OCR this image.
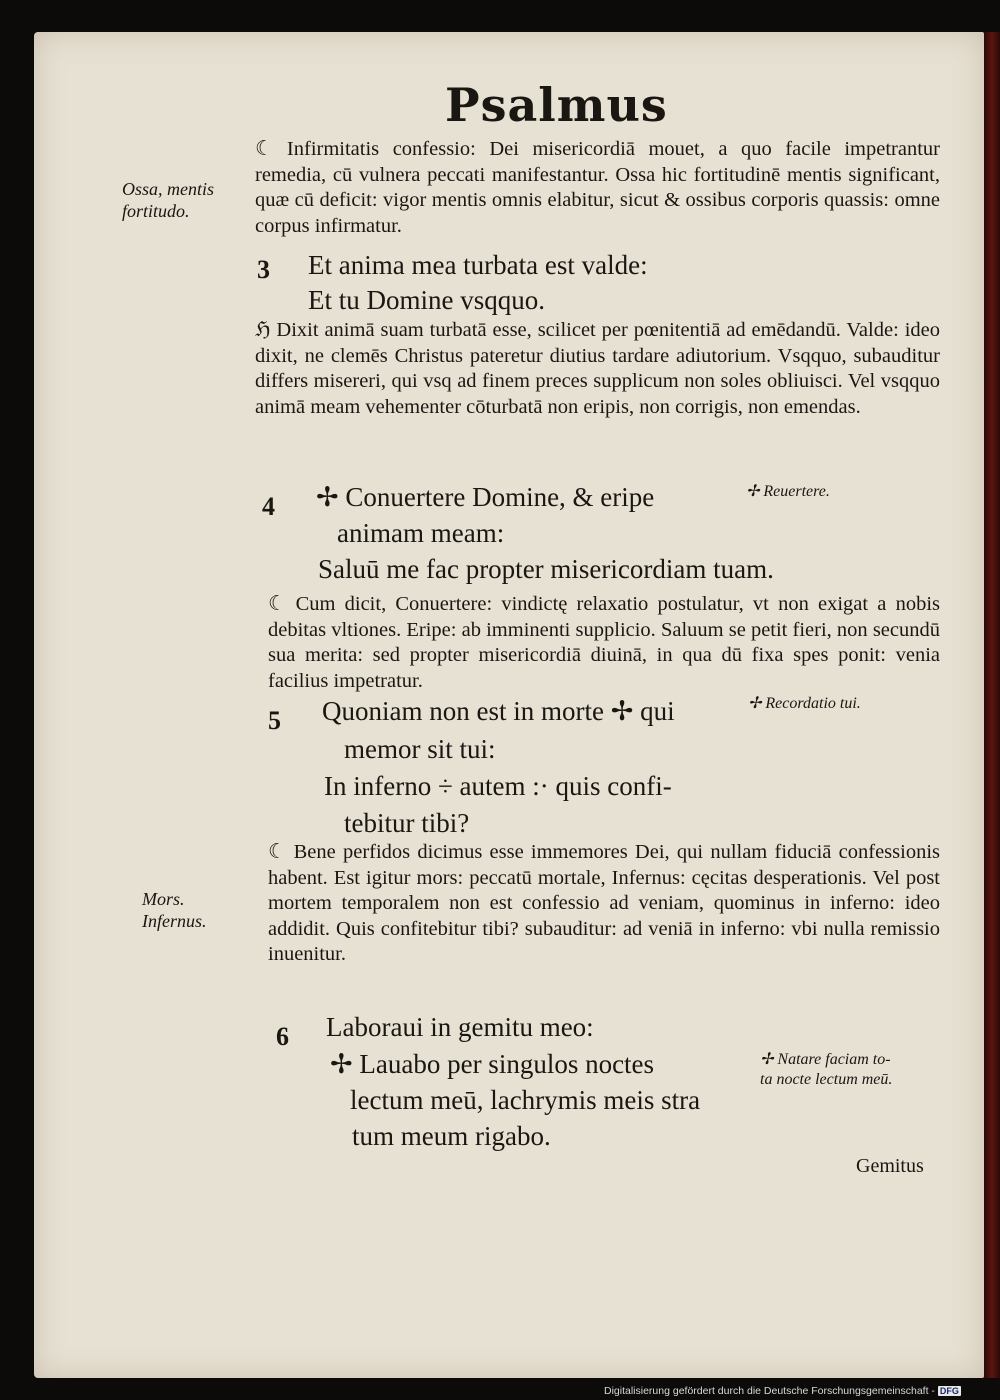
Psalmus
☾ Infirmitatis confessio: Dei misericordiā mouet, a quo facile impetrantur remedia, cū vulnera peccati manifestantur. Ossa hic fortitudinē mentis significant, quæ cū deficit: vigor mentis omnis elabitur, sicut & ossibus corporis quassis: omne corpus infirmatur.
Ossa, mentis
fortitudo.
3 Et anima mea turbata est valde:
Et tu Domine vsqquo.
ℌ Dixit animā suam turbatā esse, scilicet per pœnitentiā ad emēdandū. Valde: ideo dixit, ne clemēs Christus pateretur diutius tardare adiutorium. Vsqquo, subauditur differs misereri, qui vsq ad finem preces supplicum non soles obliuisci. Vel vsqquo animā meam vehementer cōturbatā non eripis, non corrigis, non emendas.
4 ✢ Conuertere Domine, & eripe
animam meam:
Saluū me fac propter misericordiam tuam.
✢ Reuertere.
☾ Cum dicit, Conuertere: vindictę relaxatio postulatur, vt non exigat a nobis debitas vltiones. Eripe: ab imminenti supplicio. Saluum se petit fieri, non secundū sua merita: sed propter misericordiā diuinā, in qua dū fixa spes ponit: venia facilius impetratur.
5 Quoniam non est in morte ✢ qui
memor sit tui:
In inferno ÷ autem :· quis confi-
tebitur tibi?
✢ Recordatio tui.
☾ Bene perfidos dicimus esse immemores Dei, qui nullam fiduciā confessionis habent. Est igitur mors: peccatū mortale, Infernus: cęcitas desperationis. Vel post mortem temporalem non est confessio ad veniam, quominus in inferno: ideo addidit. Quis confitebitur tibi? subauditur: ad veniā in inferno: vbi nulla remissio inuenitur.
Mors.
Infernus.
6 Laboraui in gemitu meo:
✢ Lauabo per singulos noctes
lectum meū, lachrymis meis stra
tum meum rigabo.
✢ Natare faciam to-
ta nocte lectum meū.
Gemitus
Digitalisierung gefördert durch die Deutsche Forschungsgemeinschaft - DFG
